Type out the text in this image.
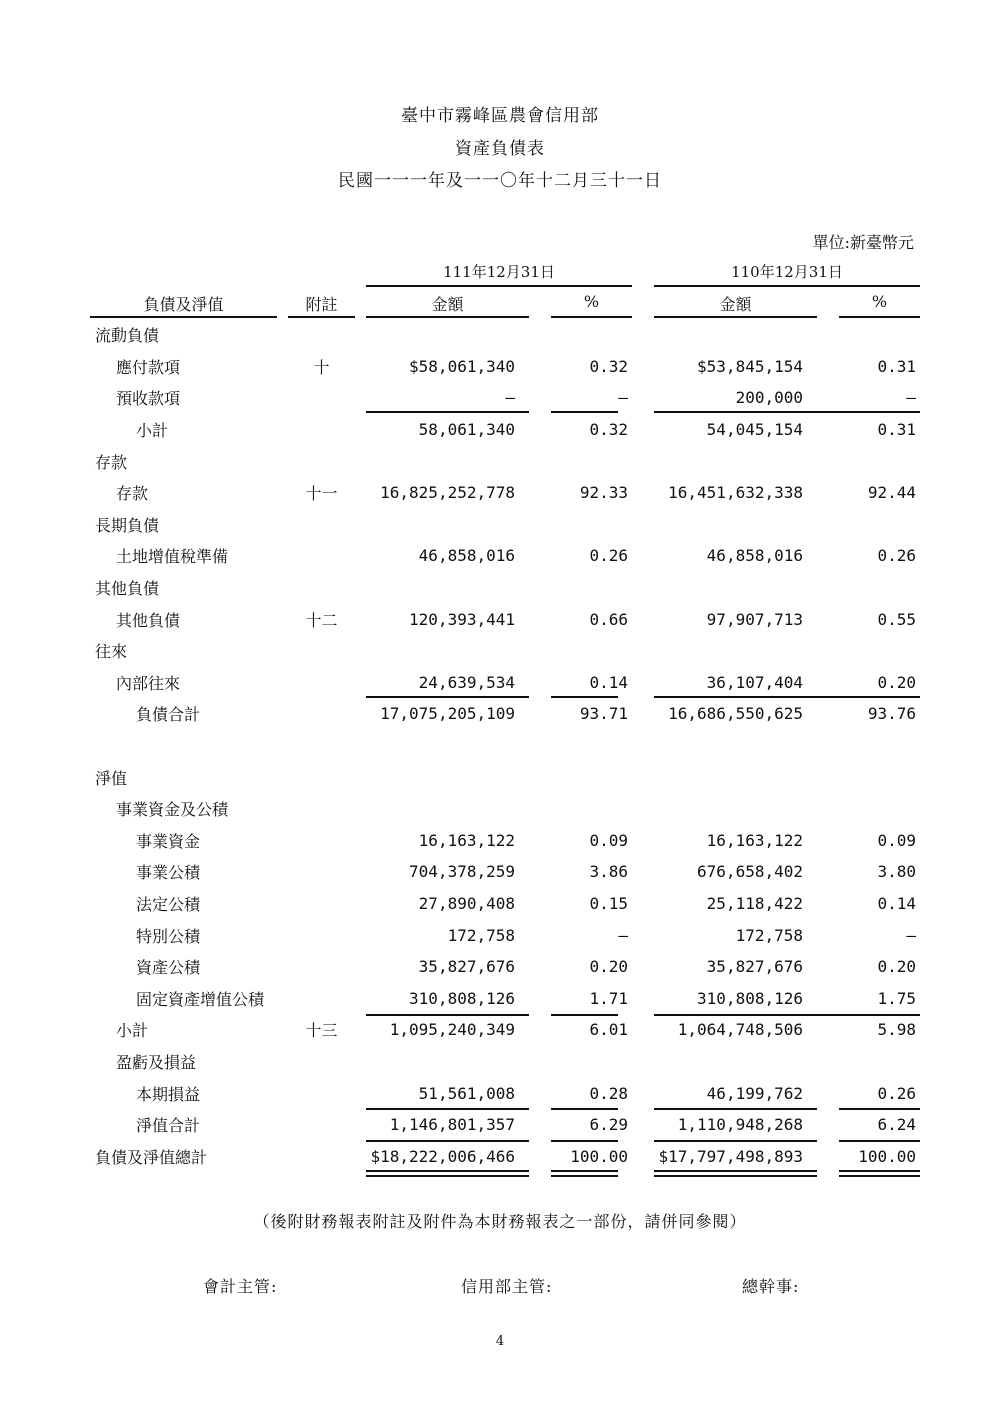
臺中市霧峰區農會信用部
資產負債表
民國一一一年及一一〇年十二月三十一日
單位:新臺幣元
111年12月31日	110年12月31日
負債及淨值	附註	金額	%	金額	%
流動負債									
應付款項	十		$58,061,340		0.32		$53,845,154		0.31
預收款項			—		—		200,000		—
小計			58,061,340		0.32		54,045,154		0.31
存款									
存款	十一		16,825,252,778		92.33		16,451,632,338		92.44
長期負債									
土地增值稅準備			46,858,016		0.26		46,858,016		0.26
其他負債									
其他負債	十二		120,393,441		0.66		97,907,713		0.55
往來									
內部往來			24,639,534		0.14		36,107,404		0.20
負債合計			17,075,205,109		93.71		16,686,550,625		93.76

淨值									
事業資金及公積									
事業資金			16,163,122		0.09		16,163,122		0.09
事業公積			704,378,259		3.86		676,658,402		3.80
法定公積			27,890,408		0.15		25,118,422		0.14
特別公積			172,758		—		172,758		—
資產公積			35,827,676		0.20		35,827,676		0.20
固定資產增值公積			310,808,126		1.71		310,808,126		1.75
小計	十三		1,095,240,349		6.01		1,064,748,506		5.98
盈虧及損益									
本期損益			51,561,008		0.28		46,199,762		0.26
淨值合計			1,146,801,357		6.29		1,110,948,268		6.24
負債及淨值總計			$18,222,006,466		100.00		$17,797,498,893		100.00
（後附財務報表附註及附件為本財務報表之一部份，請併同參閱）
會計主管:	信用部主管:	總幹事:
4
